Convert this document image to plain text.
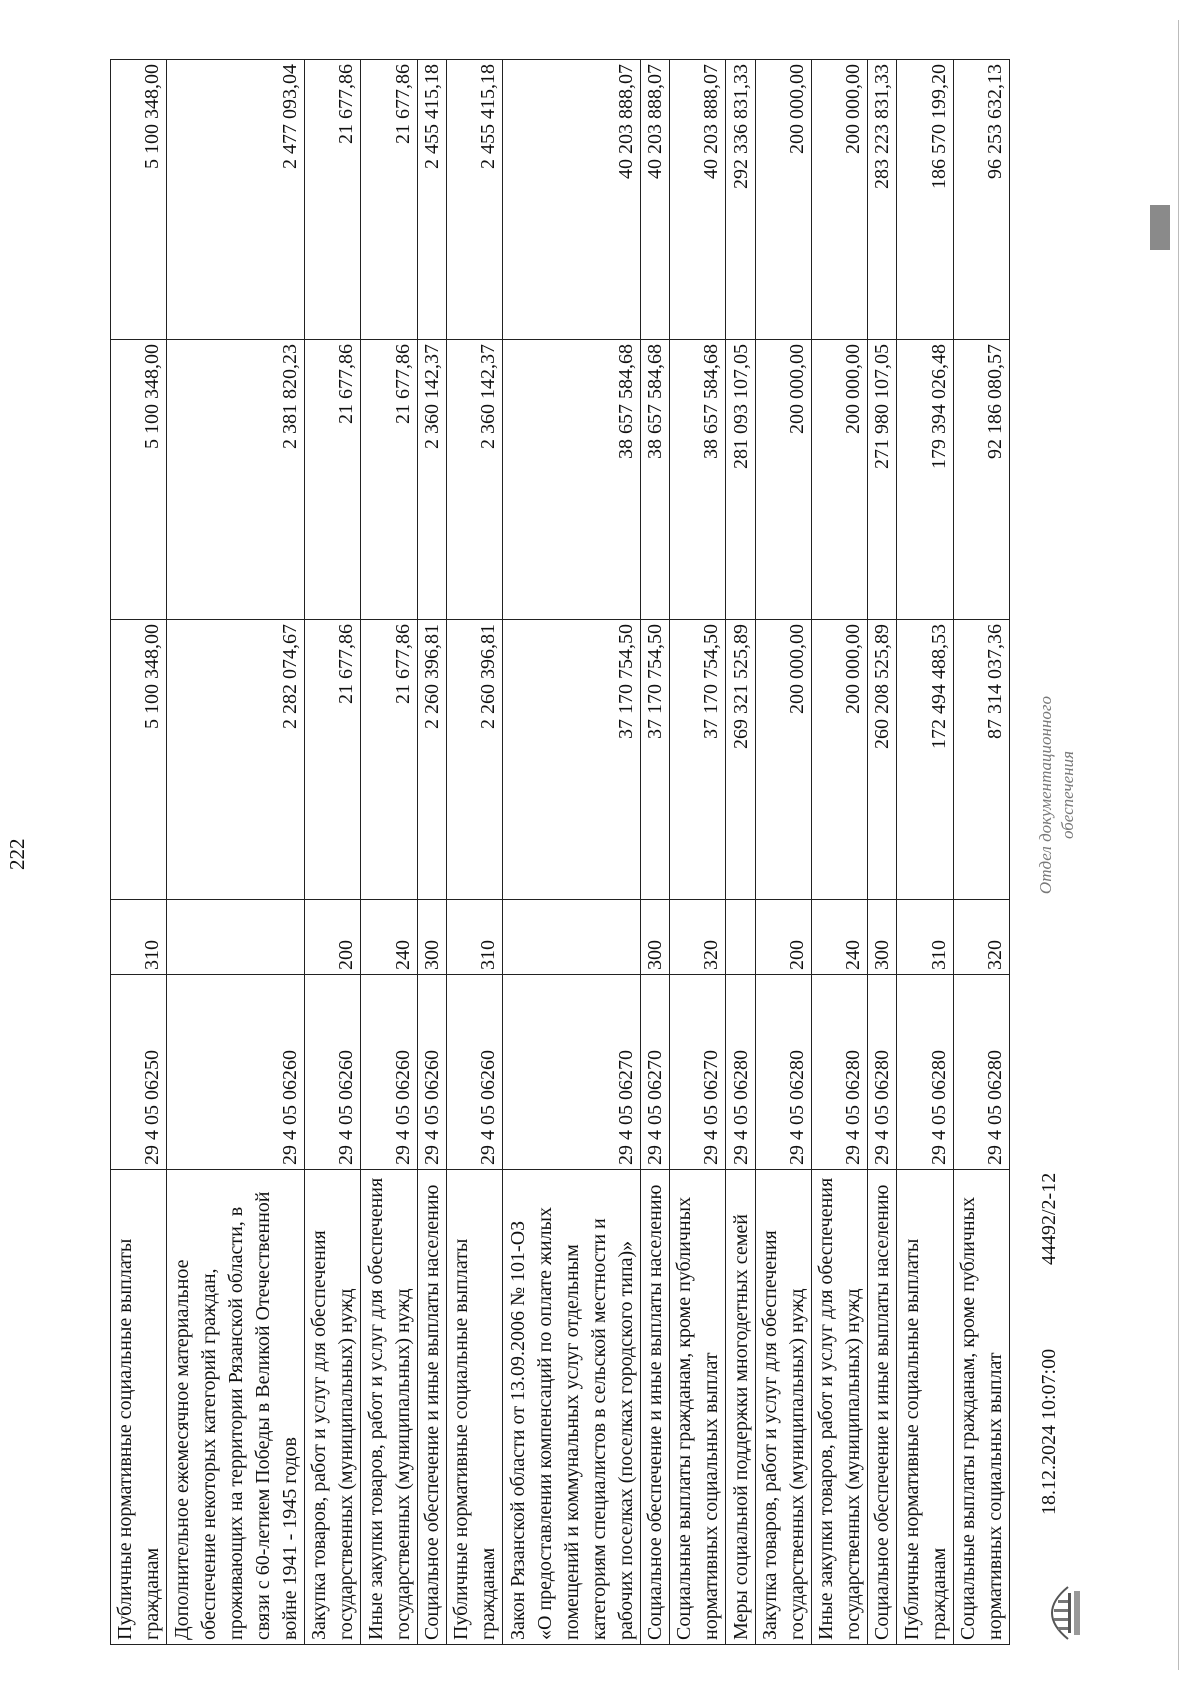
222
Публичные нормативные социальные выплаты гражданам	29 4 05 06250	310	5 100 348,00	5 100 348,00	5 100 348,00

Дополнительное ежемесячное материальное обеспечение некоторых категорий граждан, проживающих на территории Рязанской области, в связи с 60-летием Победы в Великой Отечественной войне 1941 - 1945 годов	29 4 05 06260		2 282 074,67	2 381 820,23	2 477 093,04

Закупка товаров, работ и услуг для обеспечения государственных (муниципальных) нужд	29 4 05 06260	200	21 677,86	21 677,86	21 677,86

Иные закупки товаров, работ и услуг для обеспечения государственных (муниципальных) нужд	29 4 05 06260	240	21 677,86	21 677,86	21 677,86

Социальное обеспечение и иные выплаты населению	29 4 05 06260	300	2 260 396,81	2 360 142,37	2 455 415,18

Публичные нормативные социальные выплаты гражданам	29 4 05 06260	310	2 260 396,81	2 360 142,37	2 455 415,18

Закон Рязанской области от 13.09.2006 № 101-ОЗ «О предоставлении компенсаций по оплате жилых помещений и коммунальных услуг отдельным категориям специалистов в сельской местности и рабочих поселках (поселках городского типа)»	29 4 05 06270		37 170 754,50	38 657 584,68	40 203 888,07

Социальное обеспечение и иные выплаты населению	29 4 05 06270	300	37 170 754,50	38 657 584,68	40 203 888,07

Социальные выплаты гражданам, кроме публичных нормативных социальных выплат	29 4 05 06270	320	37 170 754,50	38 657 584,68	40 203 888,07

Меры социальной поддержки многодетных семей	29 4 05 06280		269 321 525,89	281 093 107,05	292 336 831,33

Закупка товаров, работ и услуг для обеспечения государственных (муниципальных) нужд	29 4 05 06280	200	200 000,00	200 000,00	200 000,00

Иные закупки товаров, работ и услуг для обеспечения государственных (муниципальных) нужд	29 4 05 06280	240	200 000,00	200 000,00	200 000,00

Социальное обеспечение и иные выплаты населению	29 4 05 06280	300	260 208 525,89	271 980 107,05	283 223 831,33

Публичные нормативные социальные выплаты гражданам	29 4 05 06280	310	172 494 488,53	179 394 026,48	186 570 199,20

Социальные выплаты гражданам, кроме публичных нормативных социальных выплат	29 4 05 06280	320	87 314 037,36	92 186 080,57	96 253 632,13
18.12.2024 10:07:00
44492/2-12
Отдел документационного обеспечения
